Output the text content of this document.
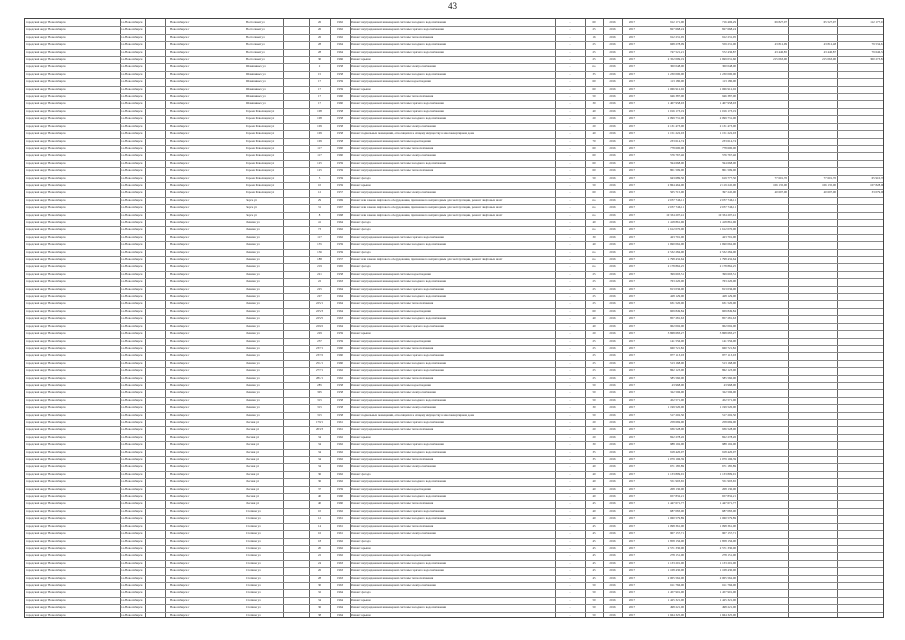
43
городской округ Новосибирск	г.о.Новосибирск	Новосибирск г	Восточный ул	26	1962	Ремонт внутридомовой инженерной системы холодного водоснабжения	-	60	2016	2017	912 171,00	716 406,29	69 827,07	65 527,97	112 177,01
городской округ Новосибирск	г.о.Новосибирск	Новосибирск г	Восточный ул	26	1962	Ремонт внутридомовой инженерной системы горячего водоснабжения	-	25	2016	2017	827 668,24	827 668,24
городской округ Новосибирск	г.о.Новосибирск	Новосибирск г	Восточный ул	26	1962	Ремонт внутридомовой инженерной системы теплоснабжения	-	16	2016	2017	912 231,05	912 231,05
городской округ Новосибирск	г.о.Новосибирск	Новосибирск г	Восточный ул	28	1964	Ремонт внутридомовой инженерной системы холодного водоснабжения	-	25	2016	2017	668 278,09	559 231,00	43 812,99	43 812,48	79 534,61
городской округ Новосибирск	г.о.Новосибирск	Новосибирск г	Восточный ул	28	1964	Ремонт внутридомовой инженерной системы горячего водоснабжения	-	25	2016	2017	747 521,21	572 436,87	43 440,85	43 440,87	79 646,33
городской округ Новосибирск	г.о.Новосибирск	Новосибирск г	Восточный ул	30	1966	Ремонт крыши	-	25	2016	2017	2 352 099,19	1 699 031,60	215 063,90	215 063,90	300 273,83
городской округ Новосибирск	г.о.Новосибирск	Новосибирск г	Шамшиных ул	2	1958	Ремонт внутридомовой инженерной системы электроснабжения	-	по	2016	2017	300 048,00	300 048,00
городской округ Новосибирск	г.о.Новосибирск	Новосибирск г	Шамшиных ул	15	1958	Ремонт внутридомовой инженерной системы холодного водоснабжения	-	35	2016	2017	1 230 000,00	1 230 000,00
городской округ Новосибирск	г.о.Новосибирск	Новосибирск г	Шамшиных ул	17	1959	Ремонт внутридомовой инженерной системы водоотведения	-	60	2016	2017	113 180,00	113 180,00
городской округ Новосибирск	г.о.Новосибирск	Новосибирск г	Шамшиных ул	17	1959	Ремонт крыши	-	60	2016	2017	1 066 912,02	1 066 912,02
городской округ Новосибирск	г.о.Новосибирск	Новосибирск г	Шамшиных ул	17	1960	Ремонт внутридомовой инженерной системы теплоснабжения	-	50	2016	2017	946 387,00	946 387,00
городской округ Новосибирск	г.о.Новосибирск	Новосибирск г	Шамшиных ул	17	1960	Ремонт внутридомовой инженерной системы горячего водоснабжения	-	30	2016	2017	1 407 958,93	1 407 958,93
городской округ Новосибирск	г.о.Новосибирск	Новосибирск г	Героев Революции ул	108	1958	Ремонт внутридомовой инженерной системы горячего водоснабжения	-	40	2016	2017	1 016 173,19	1 016 173,19
городской округ Новосибирск	г.о.Новосибирск	Новосибирск г	Героев Революции ул	108	1958	Ремонт внутридомовой инженерной системы холодного водоснабжения	-	20	2016	2017	2 099 731,00	2 099 731,00
городской округ Новосибирск	г.о.Новосибирск	Новосибирск г	Героев Революции ул	109	1958	Ремонт внутридомовой инженерной системы электроснабжения	-	20	2016	2017	2 131 473,00	2 131 473,00
городской округ Новосибирск	г.о.Новосибирск	Новосибирск г	Героев Революции ул	109	1958	Ремонт подвальных помещений, относящихся к общему имуществу в многоквартирном доме	-	40	2016	2017	1 151 222,03	1 151 222,03
городской округ Новосибирск	г.о.Новосибирск	Новосибирск г	Героев Революции ул	109	1958	Ремонт внутридомовой инженерной системы водоотведения	-	70	2016	2017	233 614,74	233 614,74
городской округ Новосибирск	г.о.Новосибирск	Новосибирск г	Героев Революции ул	117	1960	Ремонт внутридомовой инженерной системы теплоснабжения	-	60	2016	2017	778 600,00	778 600,00
городской округ Новосибирск	г.о.Новосибирск	Новосибирск г	Героев Революции ул	117	1960	Ремонт внутридомовой инженерной системы электроснабжения	-	60	2016	2017	576 767,46	576 767,46
городской округ Новосибирск	г.о.Новосибирск	Новосибирск г	Героев Революции ул	125	1959	Ремонт внутридомовой инженерной системы холодного водоснабжения	-	60	2016	2017	594 668,00	594 668,00
городской округ Новосибирск	г.о.Новосибирск	Новосибирск г	Героев Революции ул	125	1959	Ремонт внутридомовой инженерной системы теплоснабжения	-	60	2016	2017	801 599,00	801 599,00
городской округ Новосибирск	г.о.Новосибирск	Новосибирск г	Героев Революции ул	5	1959	Ремонт фасада	-	50	2016	2017	943 689,50	619 777,50	77 601,70	77 601,70	65 910,76
городской округ Новосибирск	г.о.Новосибирск	Новосибирск г	Героев Революции ул	10	1959	Ремонт крыши	-	50	2016	2017	2 864 464,00	2 119 245,00	106 135,00	106 135,00	107 828,00
городской округ Новосибирск	г.о.Новосибирск	Новосибирск г	Героев Революции ул	12	1957	Ремонт внутридомовой инженерной системы электроснабжения	-	60	2016	2017	505 715,00	397 245,00	40 697,00	40 697,00	33 079,00
городской округ Новосибирск	г.о.Новосибирск	Новосибирск г	Зорге ул	29	1969	Ремонт или замена лифтового оборудования, признанного непригодным для эксплуатации, ремонт лифтовых шахт	-	по	2016	2017	2 057 746,11	2 057 746,11
городской округ Новосибирск	г.о.Новосибирск	Новосибирск г	Зорге ул	31	1967	Ремонт или замена лифтового оборудования, признанного непригодным для эксплуатации, ремонт лифтовых шахт	-	по	2016	2017	2 057 746,11	2 057 746,11
городской округ Новосибирск	г.о.Новосибирск	Новосибирск г	Зорге ул	8	1968	Ремонт или замена лифтового оборудования, признанного непригодным для эксплуатации, ремонт лифтовых шахт	-	по	2016	2017	10 334 297,41	10 334 297,41
городской округ Новосибирск	г.о.Новосибирск	Новосибирск г	Ленина ул	41	1964	Ремонт фасада	-	40	2016	2017	1 418 861,96	1 418 861,96
городской округ Новосибирск	г.о.Новосибирск	Новосибирск г	Ленина ул	73	1962	Ремонт фасада	-	по	2016	2017	1 612 070,00	1 612 070,00
городской округ Новосибирск	г.о.Новосибирск	Новосибирск г	Ленина ул	117	1962	Ремонт внутридомовой инженерной системы горячего водоснабжения	-	30	2016	2017	423 791,00	423 791,00
городской округ Новосибирск	г.о.Новосибирск	Новосибирск г	Ленина ул	135	1959	Ремонт внутридомовой инженерной системы холодного водоснабжения	-	40	2016	2017	1 690 062,00	1 690 062,00
городской округ Новосибирск	г.о.Новосибирск	Новосибирск г	Ленина ул	136	1959	Ремонт фасада	-	по	2016	2017	2 532 284,00	2 532 284,00
городской округ Новосибирск	г.о.Новосибирск	Новосибирск г	Ленина ул	188	1957	Ремонт или замена лифтового оборудования, признанного непригодным для эксплуатации, ремонт лифтовых шахт	-	по	2016	2017	1 798 432,64	1 798 432,64
городской округ Новосибирск	г.о.Новосибирск	Новосибирск г	Ленина ул	219	1965	Ремонт фасада	-	по	2016	2017	2 178 862,25	2 178 862,25
городской округ Новосибирск	г.о.Новосибирск	Новосибирск г	Ленина ул	221	1958	Ремонт внутридомовой инженерной системы водоотведения	-	25	2016	2017	399 693,51	399 693,51
городской округ Новосибирск	г.о.Новосибирск	Новосибирск г	Ленина ул	22	1963	Ремонт внутридомовой инженерной системы холодного водоснабжения	-	25	2016	2017	763 220,00	763 220,00
городской округ Новосибирск	г.о.Новосибирск	Новосибирск г	Ленина ул	225	1964	Ремонт внутридомовой инженерной системы горячего водоснабжения	-	25	2016	2017	813 036,00	813 036,00
городской округ Новосибирск	г.о.Новосибирск	Новосибирск г	Ленина ул	227	1964	Ремонт внутридомовой инженерной системы холодного водоснабжения	-	25	2016	2017	428 129,00	428 129,00
городской округ Новосибирск	г.о.Новосибирск	Новосибирск г	Ленина ул	225/1	1964	Ремонт внутридомовой инженерной системы теплоснабжения	-	25	2016	2017	631 520,00	631 520,00
городской округ Новосибирск	г.о.Новосибирск	Новосибирск г	Ленина ул	225/3	1964	Ремонт внутридомовой инженерной системы водоотведения	-	60	2016	2017	609 849,84	609 849,84
городской округ Новосибирск	г.о.Новосибирск	Новосибирск г	Ленина ул	225/5	1963	Ремонт внутридомовой инженерной системы холодного водоснабжения	-	40	2016	2017	857 281,63	857 281,63
городской округ Новосибирск	г.о.Новосибирск	Новосибирск г	Ленина ул	229/2	1964	Ремонт внутридомовой инженерной системы горячего водоснабжения	-	40	2016	2017	902 092,00	902 092,00
городской округ Новосибирск	г.о.Новосибирск	Новосибирск г	Ленина ул	229	1959	Ремонт крыши	-	20	2016	2017	3 868 683,27	3 868 683,27
городской округ Новосибирск	г.о.Новосибирск	Новосибирск г	Ленина ул	237	1959	Ремонт внутридомовой инженерной системы водоотведения	-	25	2016	2017	141 556,00	141 556,00
городской округ Новосибирск	г.о.Новосибирск	Новосибирск г	Ленина ул	237/1	1960	Ремонт внутридомовой инженерной системы теплоснабжения	-	25	2016	2017	660 721,82	660 721,82
городской округ Новосибирск	г.о.Новосибирск	Новосибирск г	Ленина ул	237/2	1960	Ремонт внутридомовой инженерной системы горячего водоснабжения	-	25	2016	2017	877 113,03	877 113,03
городской округ Новосибирск	г.о.Новосибирск	Новосибирск г	Ленина ул	251/1	1960	Ремонт внутридомовой инженерной системы холодного водоснабжения	-	25	2016	2017	513 168,00	513 168,00
городской округ Новосибирск	г.о.Новосибирск	Новосибирск г	Ленина ул	277/1	1962	Ремонт внутридомовой инженерной системы горячего водоснабжения	-	25	2016	2017	862 123,00	862 123,00
городской округ Новосибирск	г.о.Новосибирск	Новосибирск г	Ленина ул	281/1	1962	Ремонт внутридомовой инженерной системы теплоснабжения	-	25	2016	2017	585 560,00	585 560,00
городской округ Новосибирск	г.о.Новосибирск	Новосибирск г	Ленина ул	285	1958	Ремонт внутридомовой инженерной системы водоотведения	-	50	2016	2017	43 968,00	43 968,00
городской округ Новосибирск	г.о.Новосибирск	Новосибирск г	Ленина ул	305	1958	Ремонт внутридомовой инженерной системы электроснабжения	-	50	2016	2017	322 596,00	322 596,00
городской округ Новосибирск	г.о.Новосибирск	Новосибирск г	Ленина ул	315	1958	Ремонт внутридомовой инженерной системы холодного водоснабжения	-	50	2016	2017	452 571,00	452 571,00
городской округ Новосибирск	г.о.Новосибирск	Новосибирск г	Ленина ул	315	1958	Ремонт внутридомовой инженерной системы электроснабжения	-	30	2016	2017	1 199 520,00	1 199 520,00
городской округ Новосибирск	г.о.Новосибирск	Новосибирск г	Ленина ул	315	1958	Ремонт подвальных помещений, относящихся к общему имуществу в многоквартирном доме	-	50	2016	2017	517 202,50	517 202,50
городской округ Новосибирск	г.о.Новосибирск	Новосибирск г	Лесная ул	179/1	1961	Ремонт внутридомовой инженерной системы горячего водоснабжения	-	20	2016	2017	258 669,00	258 669,00
городской округ Новосибирск	г.о.Новосибирск	Новосибирск г	Лесная ул	203/3	1961	Ремонт внутридомовой инженерной системы теплоснабжения	-	20	2016	2017	936 528,00	936 528,00
городской округ Новосибирск	г.о.Новосибирск	Новосибирск г	Лесная ул	34	1962	Ремонт крыши	-	20	2016	2017	822 278,26	822 278,26
городской округ Новосибирск	г.о.Новосибирск	Новосибирск г	Лесная ул	34	1962	Ремонт внутридомовой инженерной системы горячего водоснабжения	-	30	2016	2017	988 192,00	988 192,00
городской округ Новосибирск	г.о.Новосибирск	Новосибирск г	Лесная ул	34	1962	Ремонт внутридомовой инженерной системы холодного водоснабжения	-	35	2016	2017	918 420,07	918 420,07
городской округ Новосибирск	г.о.Новосибирск	Новосибирск г	Лесная ул	34	1962	Ремонт внутридомовой инженерной системы теплоснабжения	-	35	2016	2017	1 079 196,39	1 079 196,39
городской округ Новосибирск	г.о.Новосибирск	Новосибирск г	Лесная ул	34	1962	Ремонт внутридомовой инженерной системы электроснабжения	-	40	2016	2017	671 185,89	671 185,89
городской округ Новосибирск	г.о.Новосибирск	Новосибирск г	Лесная ул	36	1962	Ремонт фасада	-	40	2016	2017	1 133 809,91	1 133 809,91
городской округ Новосибирск	г.о.Новосибирск	Новосибирск г	Лесная ул	36	1962	Ремонт внутридомовой инженерной системы холодного водоснабжения	-	40	2016	2017	551 903,65	551 903,65
городской округ Новосибирск	г.о.Новосибирск	Новосибирск г	Лесная ул	37	1959	Ремонт внутридомовой инженерной системы водоотведения	-	40	2016	2017	208 130,00	208 130,00
городской округ Новосибирск	г.о.Новосибирск	Новосибирск г	Лесная ул	40	1960	Ремонт внутридомовой инженерной системы холодного водоснабжения	-	40	2016	2017	657 832,21	657 832,21
городской округ Новосибирск	г.о.Новосибирск	Новосибирск г	Лесная ул	40	1960	Ремонт внутридомовой инженерной системы теплоснабжения	-	45	2016	2017	1 447 671,77	1 447 671,77
городской округ Новосибирск	г.о.Новосибирск	Новосибирск г	Степная ул	10	1962	Ремонт внутридомовой инженерной системы горячего водоснабжения	-	40	2016	2017	687 083,00	687 083,00
городской округ Новосибирск	г.о.Новосибирск	Новосибирск г	Степная ул	12	1961	Ремонт внутридомовой инженерной системы холодного водоснабжения	-	40	2016	2017	1 060 579,89	1 060 579,89
городской округ Новосибирск	г.о.Новосибирск	Новосибирск г	Степная ул	14	1961	Ремонт внутридомовой инженерной системы теплоснабжения	-	45	2016	2017	1 098 361,00	1 098 361,00
городской округ Новосибирск	г.о.Новосибирск	Новосибирск г	Степная ул	16	1961	Ремонт внутридомовой инженерной системы электроснабжения	-	45	2016	2017	907 157,71	907 157,71
городской округ Новосибирск	г.о.Новосибирск	Новосибирск г	Степная ул	18	1962	Ремонт фасада	-	45	2016	2017	1 858 156,00	1 858 156,00
городской округ Новосибирск	г.о.Новосибирск	Новосибирск г	Степная ул	20	1962	Ремонт крыши	-	45	2016	2017	2 571 330,00	2 571 330,00
городской округ Новосибирск	г.о.Новосибирск	Новосибирск г	Степная ул	22	1962	Ремонт внутридомовой инженерной системы водоотведения	-	45	2016	2017	278 151,00	278 151,00
городской округ Новосибирск	г.о.Новосибирск	Новосибирск г	Степная ул	24	1963	Ремонт внутридомовой инженерной системы холодного водоснабжения	-	45	2016	2017	1 133 201,00	1 133 201,00
городской округ Новосибирск	г.о.Новосибирск	Новосибирск г	Степная ул	26	1963	Ремонт внутридомовой инженерной системы горячего водоснабжения	-	45	2016	2017	1 108 430,00	1 108 430,00
городской округ Новосибирск	г.о.Новосибирск	Новосибирск г	Степная ул	28	1963	Ремонт внутридомовой инженерной системы теплоснабжения	-	45	2016	2017	2 005 562,00	2 005 562,00
городской округ Новосибирск	г.о.Новосибирск	Новосибирск г	Степная ул	30	1963	Ремонт внутридомовой инженерной системы электроснабжения	-	50	2016	2017	611 766,00	611 766,00
городской округ Новосибирск	г.о.Новосибирск	Новосибирск г	Степная ул	32	1964	Ремонт фасада	-	50	2016	2017	1 457 901,00	1 457 901,00
городской округ Новосибирск	г.о.Новосибирск	Новосибирск г	Степная ул	34	1964	Ремонт крыши	-	50	2016	2017	1 425 321,00	1 425 321,00
городской округ Новосибирск	г.о.Новосибирск	Новосибирск г	Степная ул	36	1964	Ремонт внутридомовой инженерной системы холодного водоснабжения	-	50	2016	2017	498 221,00	498 221,00
городской округ Новосибирск	г.о.Новосибирск	Новосибирск г	Степная ул	38	1964	Ремонт крыши	-	50	2016	2017	1 664 325,00	1 664 325,00
